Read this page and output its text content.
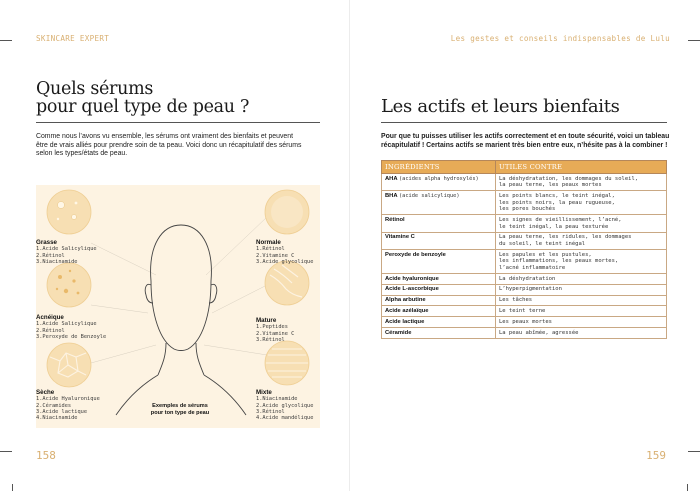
SKINCARE EXPERT
Quels sérums
pour quel type de peau ?
Comme nous l’avons vu ensemble, les sérums ont vraiment des bienfaits et peuvent
être de vrais alliés pour prendre soin de ta peau. Voici donc un récapitulatif des sérums
selon les types/états de peau.
Grasse
1.Acide Salicylique
2.Rétinol
3.Niacinamide
Acnéique
1.Acide Salicylique
2.Rétinol
3.Peroxyde de Benzoyle
Sèche
1.Acide Hyaluronique
2.Céramides
3.Acide lactique
4.Niacinamide
Normale
1.Rétinol
2.Vitamine C
3.Acide glycolique
Mature
1.Peptides
2.Vitamine C
3.Rétinol
Mixte
1.Niacinamide
2.Acide glycolique
3.Rétinol
4.Acide mandélique
Exemples de sérums
pour ton type de peau
158
Les gestes et conseils indispensables de Lulu
Les actifs et leurs bienfaits
Pour que tu puisses utiliser les actifs correctement et en toute sécurité, voici un tableau
récapitulatif ! Certains actifs se marient très bien entre eux, n’hésite pas à la combiner !
INGRÉDIENTS	UTILES CONTRE
AHA (acides alpha hydroxylés)	La déshydratation, les dommages du soleil,
la peau terne, les peaux mortes

BHA (acide salicylique)	Les points blancs, le teint inégal,
les points noirs, la peau rugueuse,
les pores bouchés

Rétinol	Les signes de vieillissement, l’acné,
le teint inégal, la peau texturée

Vitamine C	La peau terne, les ridules, les dommages
du soleil, le teint inégal

Peroxyde de benzoyle	Les papules et les pustules,
les inflammations, les peaux mortes,
l’acné inflammatoire

Acide hyaluronique	La déshydratation

Acide L-ascorbique	L’hyperpigmentation

Alpha arbutine	Les tâches

Acide azélaïque	Le teint terne

Acide lactique	Les peaux mortes

Céramide	La peau abîmée, agressée
159
